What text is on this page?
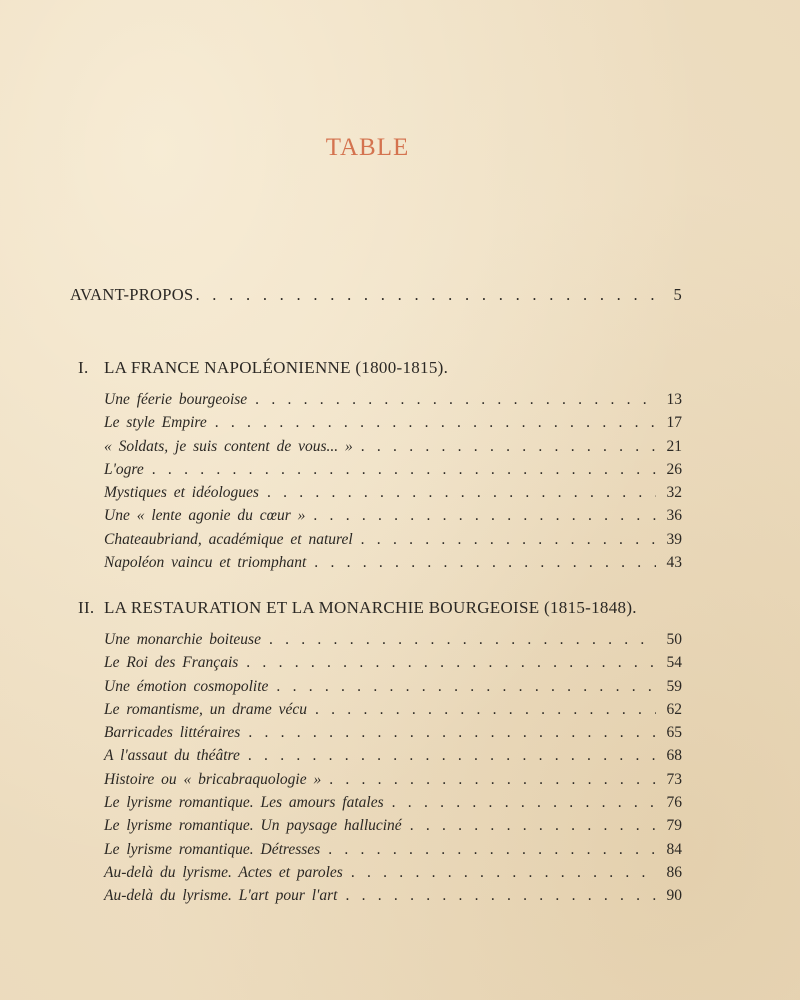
TABLE
AVANT-PROPOS . . .	5
I. LA FRANCE NAPOLÉONIENNE (1800-1815).
Une féerie bourgeoise . . .	13
Le style Empire . . .	17
« Soldats, je suis content de vous... » . . .	21
L'ogre . . .	26
Mystiques et idéologues . . .	32
Une « lente agonie du cœur » . . .	36
Chateaubriand, académique et naturel . . .	39
Napoléon vaincu et triomphant . . .	43
II. LA RESTAURATION ET LA MONARCHIE BOURGEOISE (1815-1848).
Une monarchie boiteuse . . .	50
Le Roi des Français . . .	54
Une émotion cosmopolite . . .	59
Le romantisme, un drame vécu . . .	62
Barricades littéraires . . .	65
A l'assaut du théâtre . . .	68
Histoire ou « bricabraquologie » . . .	73
Le lyrisme romantique. Les amours fatales . . .	76
Le lyrisme romantique. Un paysage halluciné . . .	79
Le lyrisme romantique. Détresses . . .	84
Au-delà du lyrisme. Actes et paroles . . .	86
Au-delà du lyrisme. L'art pour l'art . . .	90
